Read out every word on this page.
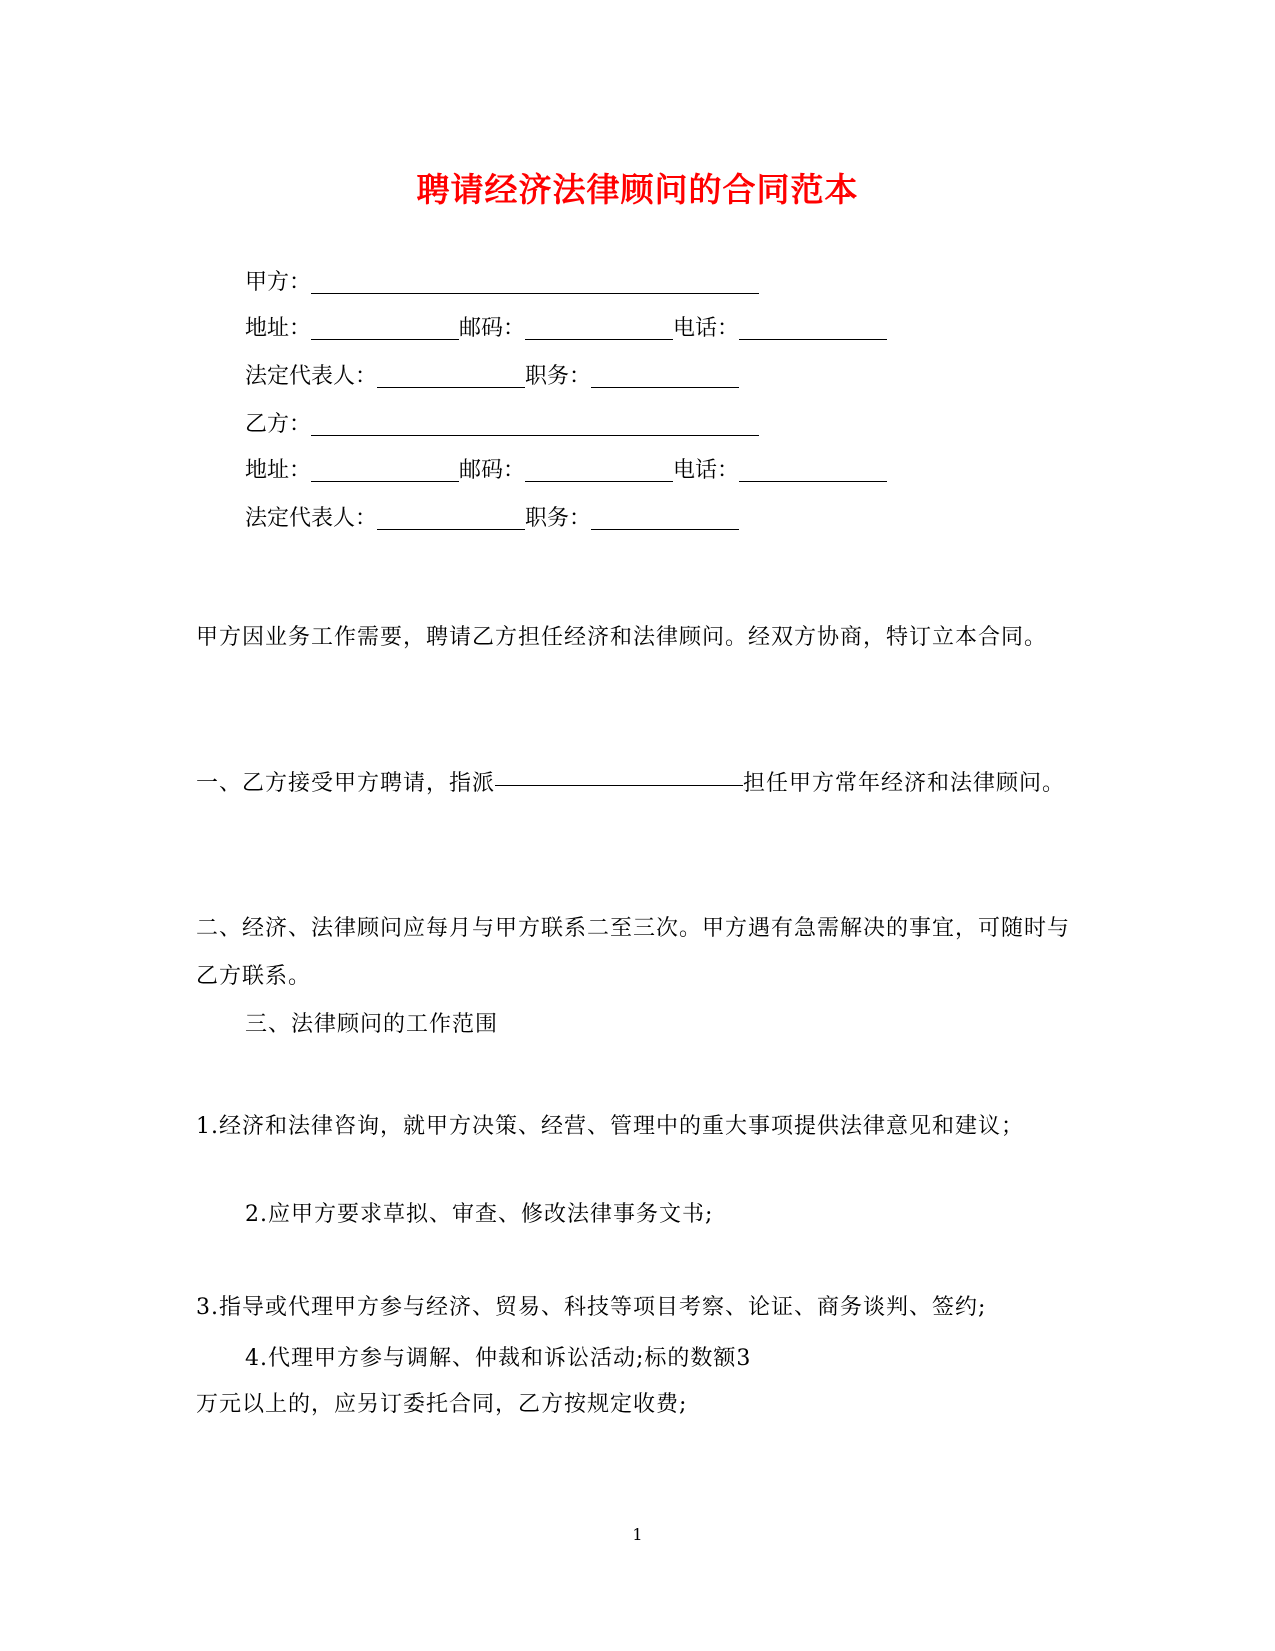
聘请经济法律顾问的合同范本
甲方：
地址：	邮码：	电话：
法定代表人：	职务：
乙方：
地址：	邮码：	电话：
法定代表人：	职务：

甲方因业务工作需要，聘请乙方担任经济和法律顾问。经双方协商，特订立本合同。

一、乙方接受甲方聘请，指派	担任甲方常年经济和法律顾问。

二、经济、法律顾问应每月与甲方联系二至三次。甲方遇有急需解决的事宜，可随时与乙方联系。

三、法律顾问的工作范围

1.经济和法律咨询，就甲方决策、经营、管理中的重大事项提供法律意见和建议；

2.应甲方要求草拟、审查、修改法律事务文书;
3.指导或代理甲方参与经济、贸易、科技等项目考察、论证、商务谈判、签约;
4.代理甲方参与调解、仲裁和诉讼活动;标的数额3
万元以上的，应另订委托合同，乙方按规定收费;
1
